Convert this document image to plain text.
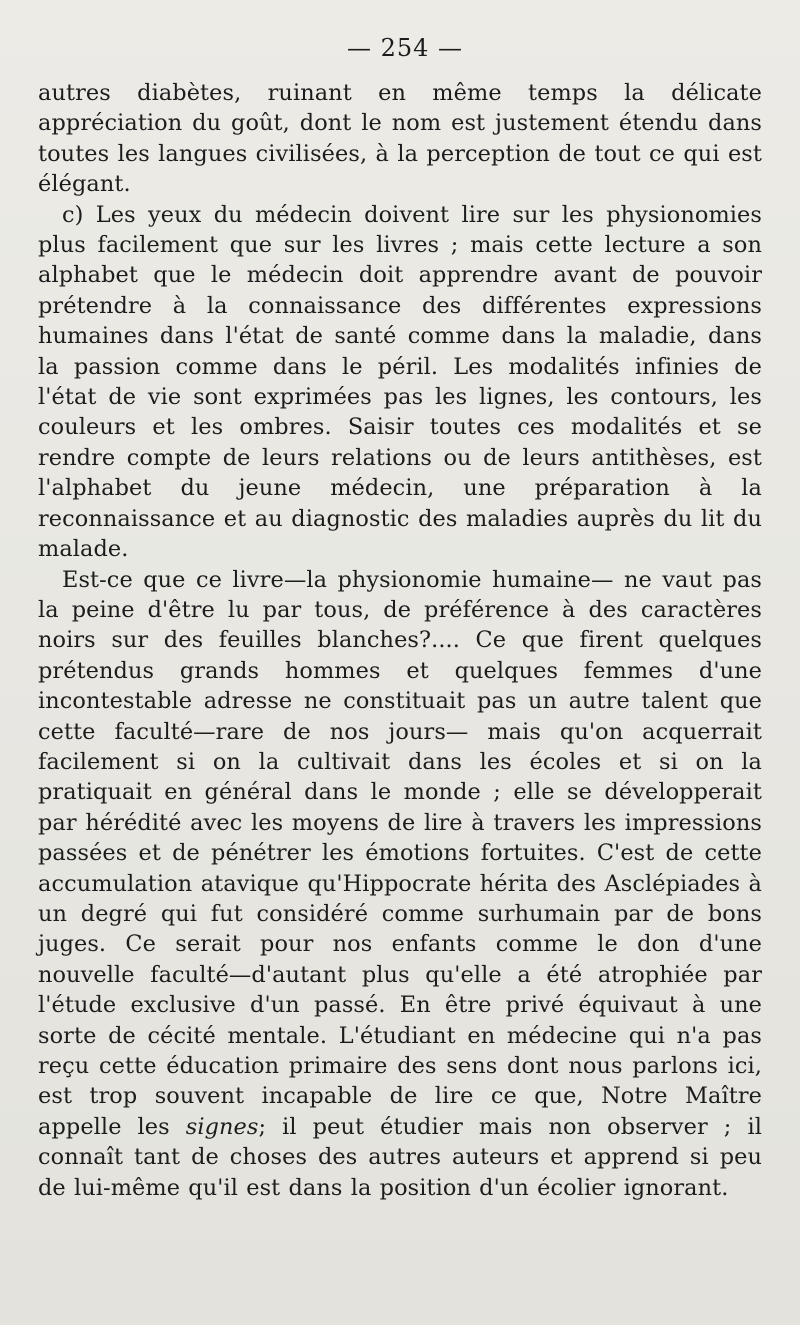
— 254 —

autres diabètes, ruinant en même temps la délicate appréciation du goût, dont le nom est justement étendu dans toutes les langues civilisées, à la perception de tout ce qui est élégant.

c) Les yeux du médecin doivent lire sur les physionomies plus facilement que sur les livres ; mais cette lecture a son alphabet que le médecin doit apprendre avant de pouvoir prétendre à la connaissance des différentes expressions humaines dans l'état de santé comme dans la maladie, dans la passion comme dans le péril. Les modalités infinies de l'état de vie sont exprimées pas les lignes, les contours, les couleurs et les ombres. Saisir toutes ces modalités et se rendre compte de leurs relations ou de leurs antithèses, est l'alphabet du jeune médecin, une préparation à la reconnaissance et au diagnostic des maladies auprès du lit du malade.

Est-ce que ce livre—la physionomie humaine— ne vaut pas la peine d'être lu par tous, de préférence à des caractères noirs sur des feuilles blanches?.... Ce que firent quelques prétendus grands hommes et quelques femmes d'une incontestable adresse ne constituait pas un autre talent que cette faculté—rare de nos jours— mais qu'on acquerrait facilement si on la cultivait dans les écoles et si on la pratiquait en général dans le monde ; elle se développerait par hérédité avec les moyens de lire à travers les impressions passées et de pénétrer les émotions fortuites. C'est de cette accumulation atavique qu'Hippocrate hérita des Asclépiades à un degré qui fut considéré comme surhumain par de bons juges. Ce serait pour nos enfants comme le don d'une nouvelle faculté—d'autant plus qu'elle a été atrophiée par l'étude exclusive d'un passé. En être privé équivaut à une sorte de cécité mentale. L'étudiant en médecine qui n'a pas reçu cette éducation primaire des sens dont nous parlons ici, est trop souvent incapable de lire ce que, Notre Maître appelle les signes; il peut étudier mais non observer ; il connaît tant de choses des autres auteurs et apprend si peu de lui-même qu'il est dans la position d'un écolier ignorant.
